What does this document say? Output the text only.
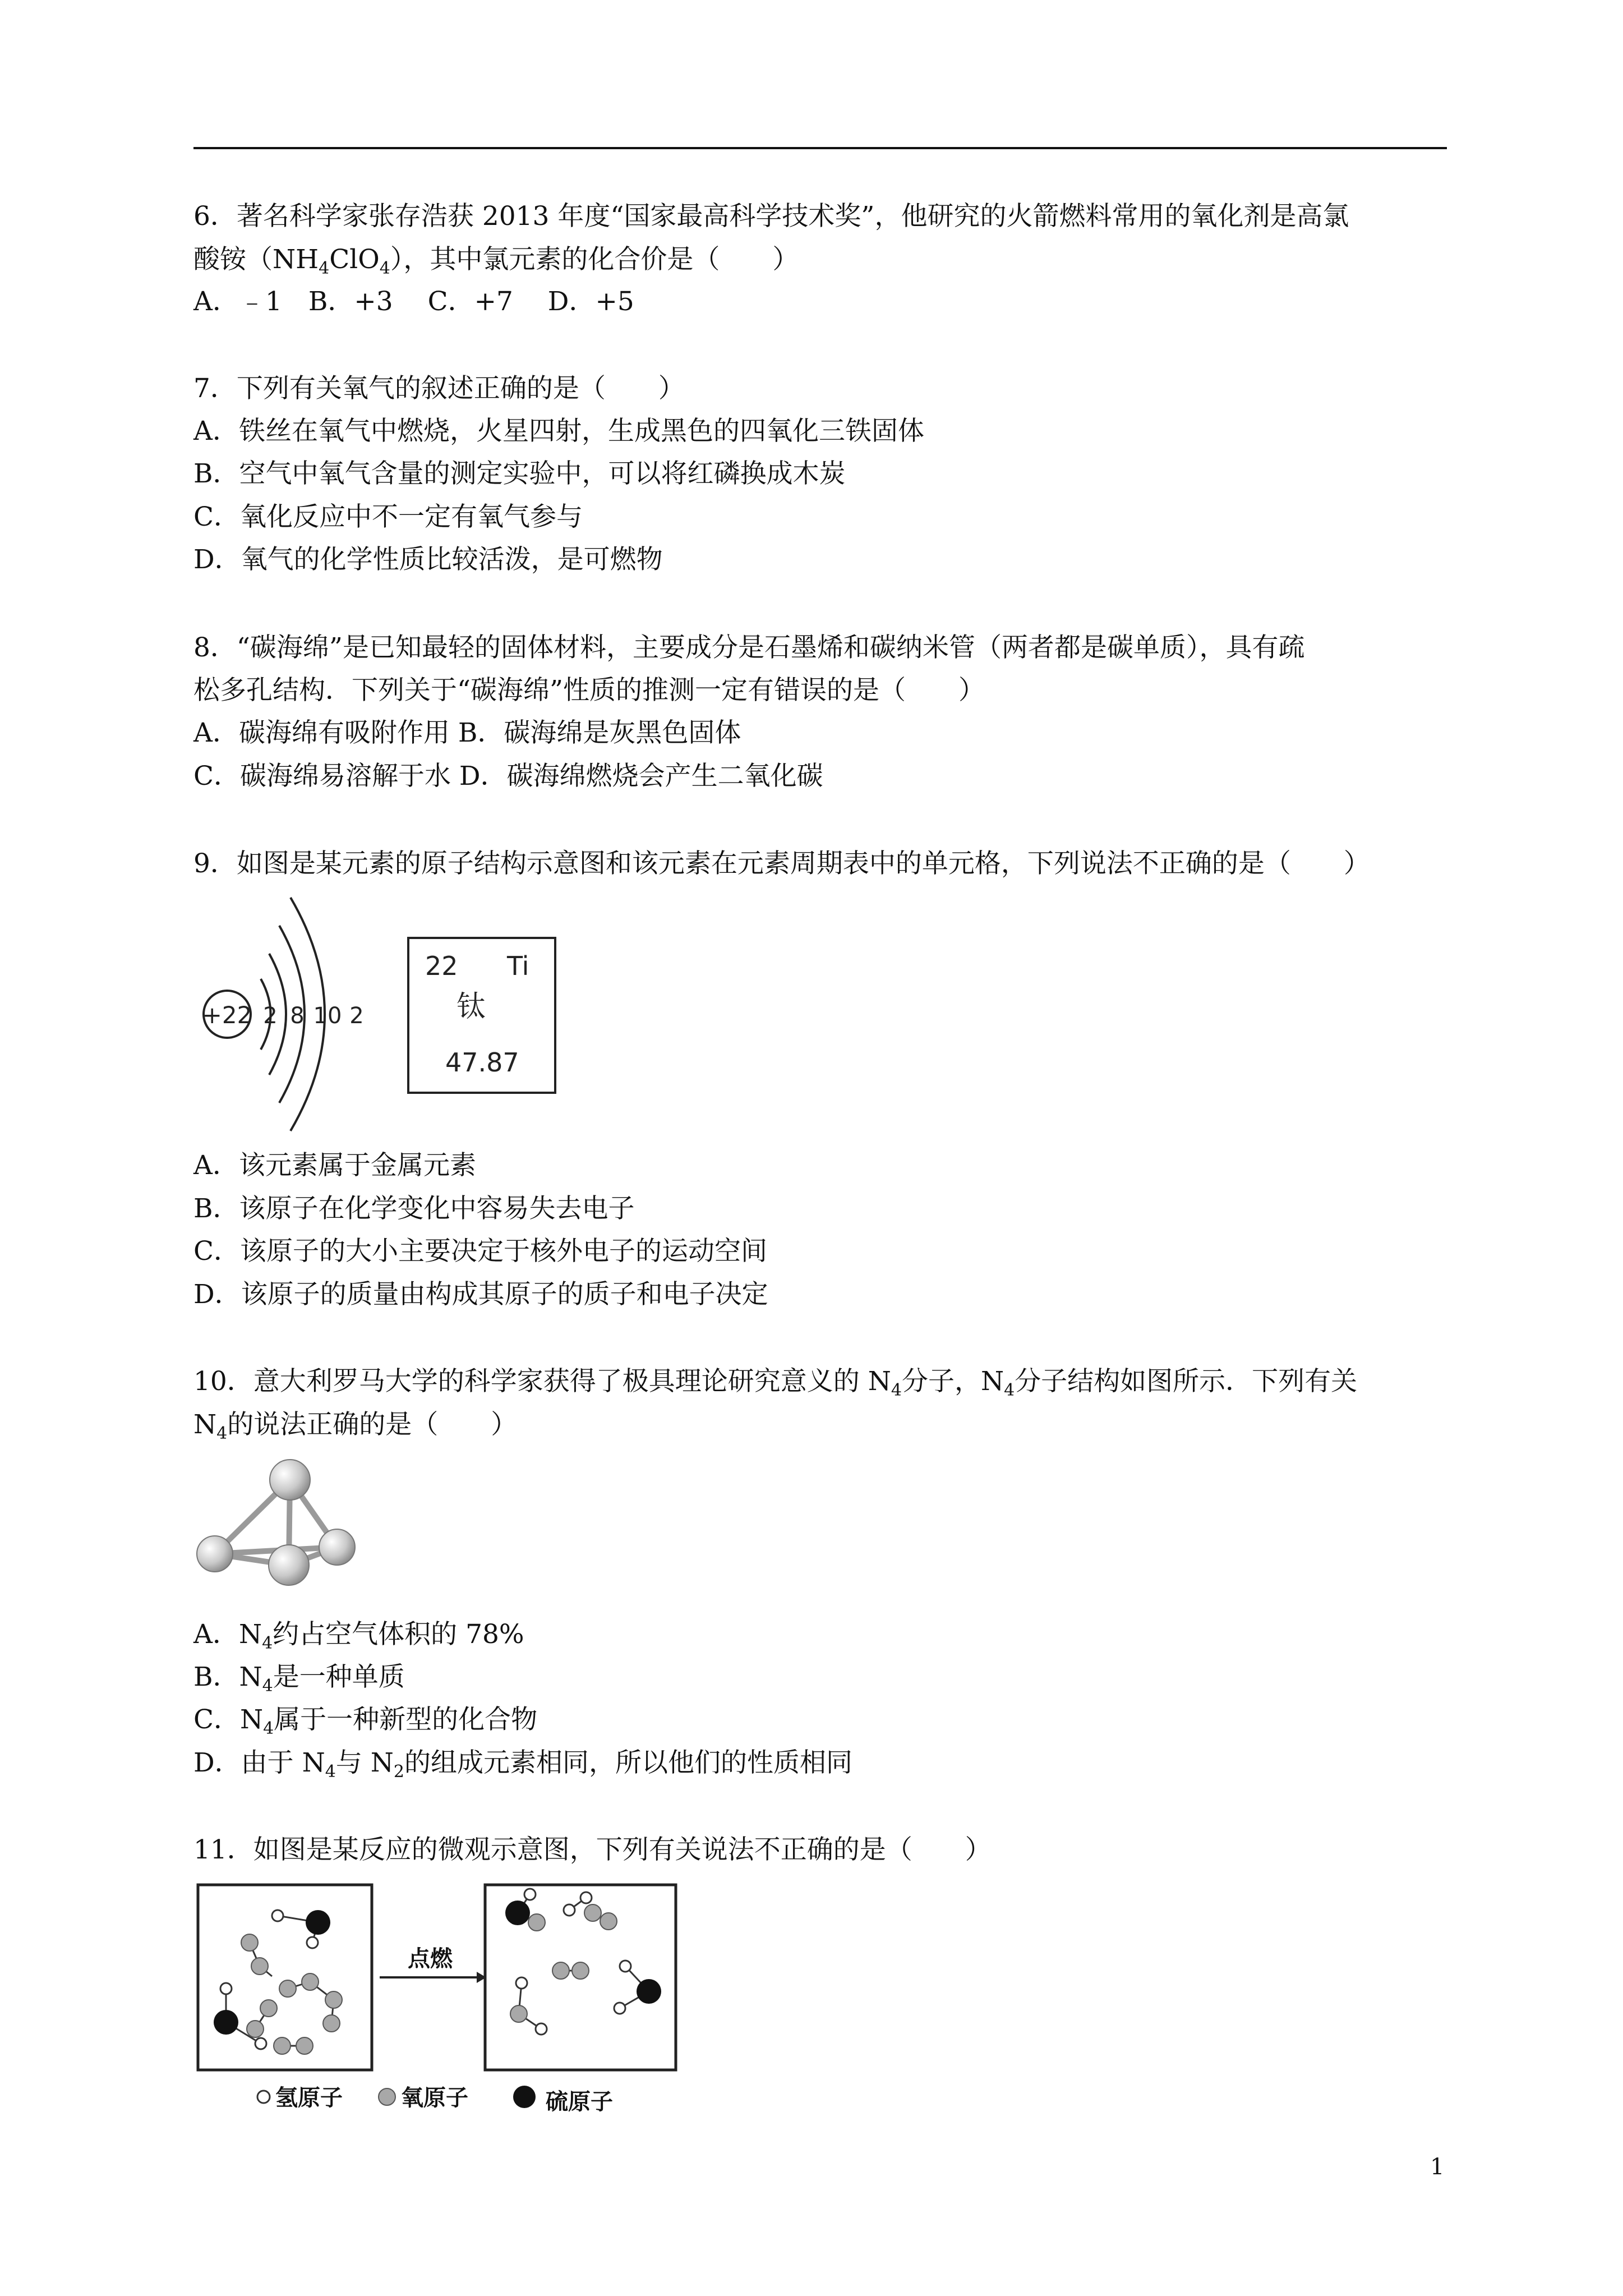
6．著名科学家张存浩获 2013 年度“国家最高科学技术奖”，他研究的火箭燃料常用的氧化剂是高氯
酸铵$(NH_4ClO_4)$，其中氯元素的化合价是（　　）
A．﹣1　B．+3　 C．+7　 D．+5
7．下列有关氧气的叙述正确的是（　　）
A．铁丝在氧气中燃烧，火星四射，生成黑色的四氧化三铁固体
B．空气中氧气含量的测定实验中，可以将红磷换成木炭
C．氧化反应中不一定有氧气参与
D．氧气的化学性质比较活泼，是可燃物
8．“碳海绵”是已知最轻的固体材料，主要成分是石墨烯和碳纳米管（两者都是碳单质），具有疏
松多孔结构．下列关于“碳海绵”性质的推测一定有错误的是（　　）
A．碳海绵有吸附作用 B．碳海绵是灰黑色固体
C．碳海绵易溶解于水 D．碳海绵燃烧会产生二氧化碳
9．如图是某元素的原子结构示意图和该元素在元素周期表中的单元格，下列说法不正确的是（　　）
+22 2 8 10 2
22 Ti
钛
47.87
A．该元素属于金属元素
B．该原子在化学变化中容易失去电子
C．该原子的大小主要决定于核外电子的运动空间
D．该原子的质量由构成其原子的质子和电子决定
10．意大利罗马大学的科学家获得了极具理论研究意义的 $N_4$分子，$N_4$分子结构如图所示．下列有关
$N_4$的说法正确的是（　　）
A．$N_4$约占空气体积的 78%
B．$N_4$是一种单质
C．$N_4$属于一种新型的化合物
D．由于 $N_4$与 $N_2$的组成元素相同，所以他们的性质相同
11．如图是某反应的微观示意图，下列有关说法不正确的是（　　）
点燃
氢原子	氧原子	硫原子
1
